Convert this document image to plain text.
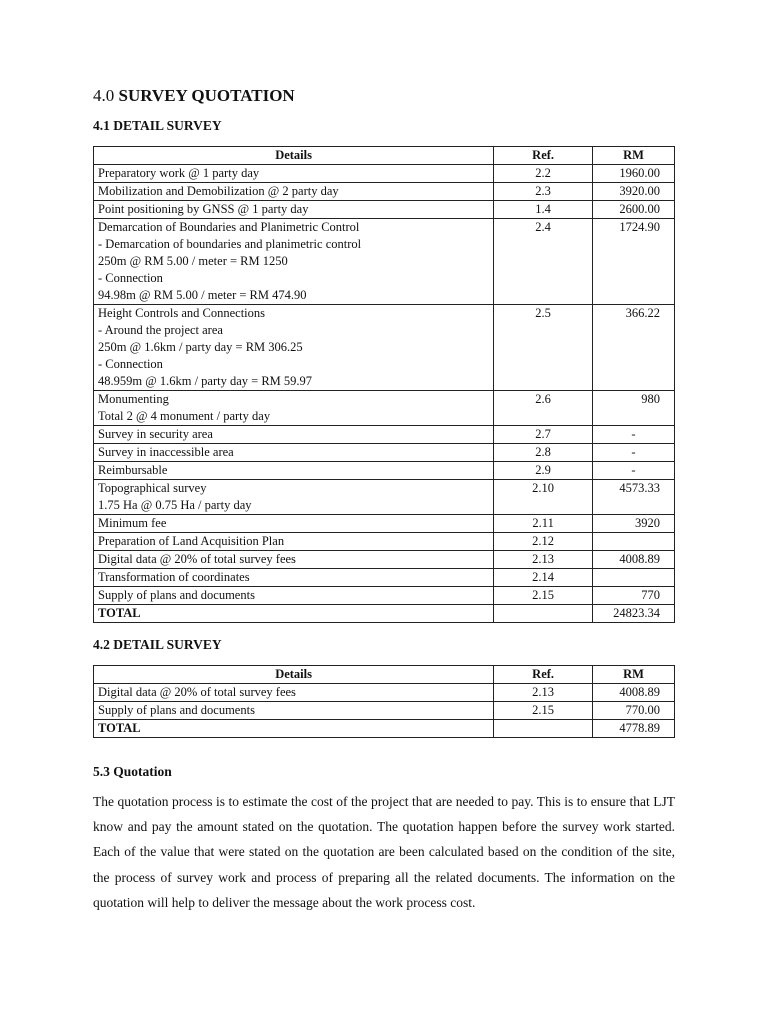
4.0 SURVEY QUOTATION
4.1 DETAIL SURVEY
Details	Ref.	RM

Preparatory work @ 1 party day	2.2	1960.00

Mobilization and Demobilization @ 2 party day	2.3	3920.00

Point positioning by GNSS @ 1 party day	1.4	2600.00

Demarcation of Boundaries and Planimetric Control
- Demarcation of boundaries and planimetric control
250m @ RM 5.00 / meter = RM 1250
- Connection
94.98m @ RM 5.00 / meter = RM 474.90	2.4	1724.90

Height Controls and Connections
- Around the project area
250m @ 1.6km / party day = RM 306.25
- Connection
48.959m @ 1.6km / party day = RM 59.97	2.5	366.22

Monumenting
Total 2 @ 4 monument / party day	2.6	980

Survey in security area	2.7	-

Survey in inaccessible area	2.8	-

Reimbursable	2.9	-

Topographical survey
1.75 Ha @ 0.75 Ha / party day	2.10	4573.33

Minimum fee	2.11	3920

Preparation of Land Acquisition Plan	2.12	

Digital data @ 20% of total survey fees	2.13	4008.89

Transformation of coordinates	2.14	

Supply of plans and documents	2.15	770
TOTAL		24823.34
4.2 DETAIL SURVEY
Details	Ref.	RM

Digital data @ 20% of total survey fees	2.13	4008.89

Supply of plans and documents	2.15	770.00
TOTAL		4778.89
5.3 Quotation

The quotation process is to estimate the cost of the project that are needed to pay. This is to ensure that LJT know and pay the amount stated on the quotation. The quotation happen before the survey work started. Each of the value that were stated on the quotation are been calculated based on the condition of the site, the process of survey work and process of preparing all the related documents. The information on the quotation will help to deliver the message about the work process cost.
